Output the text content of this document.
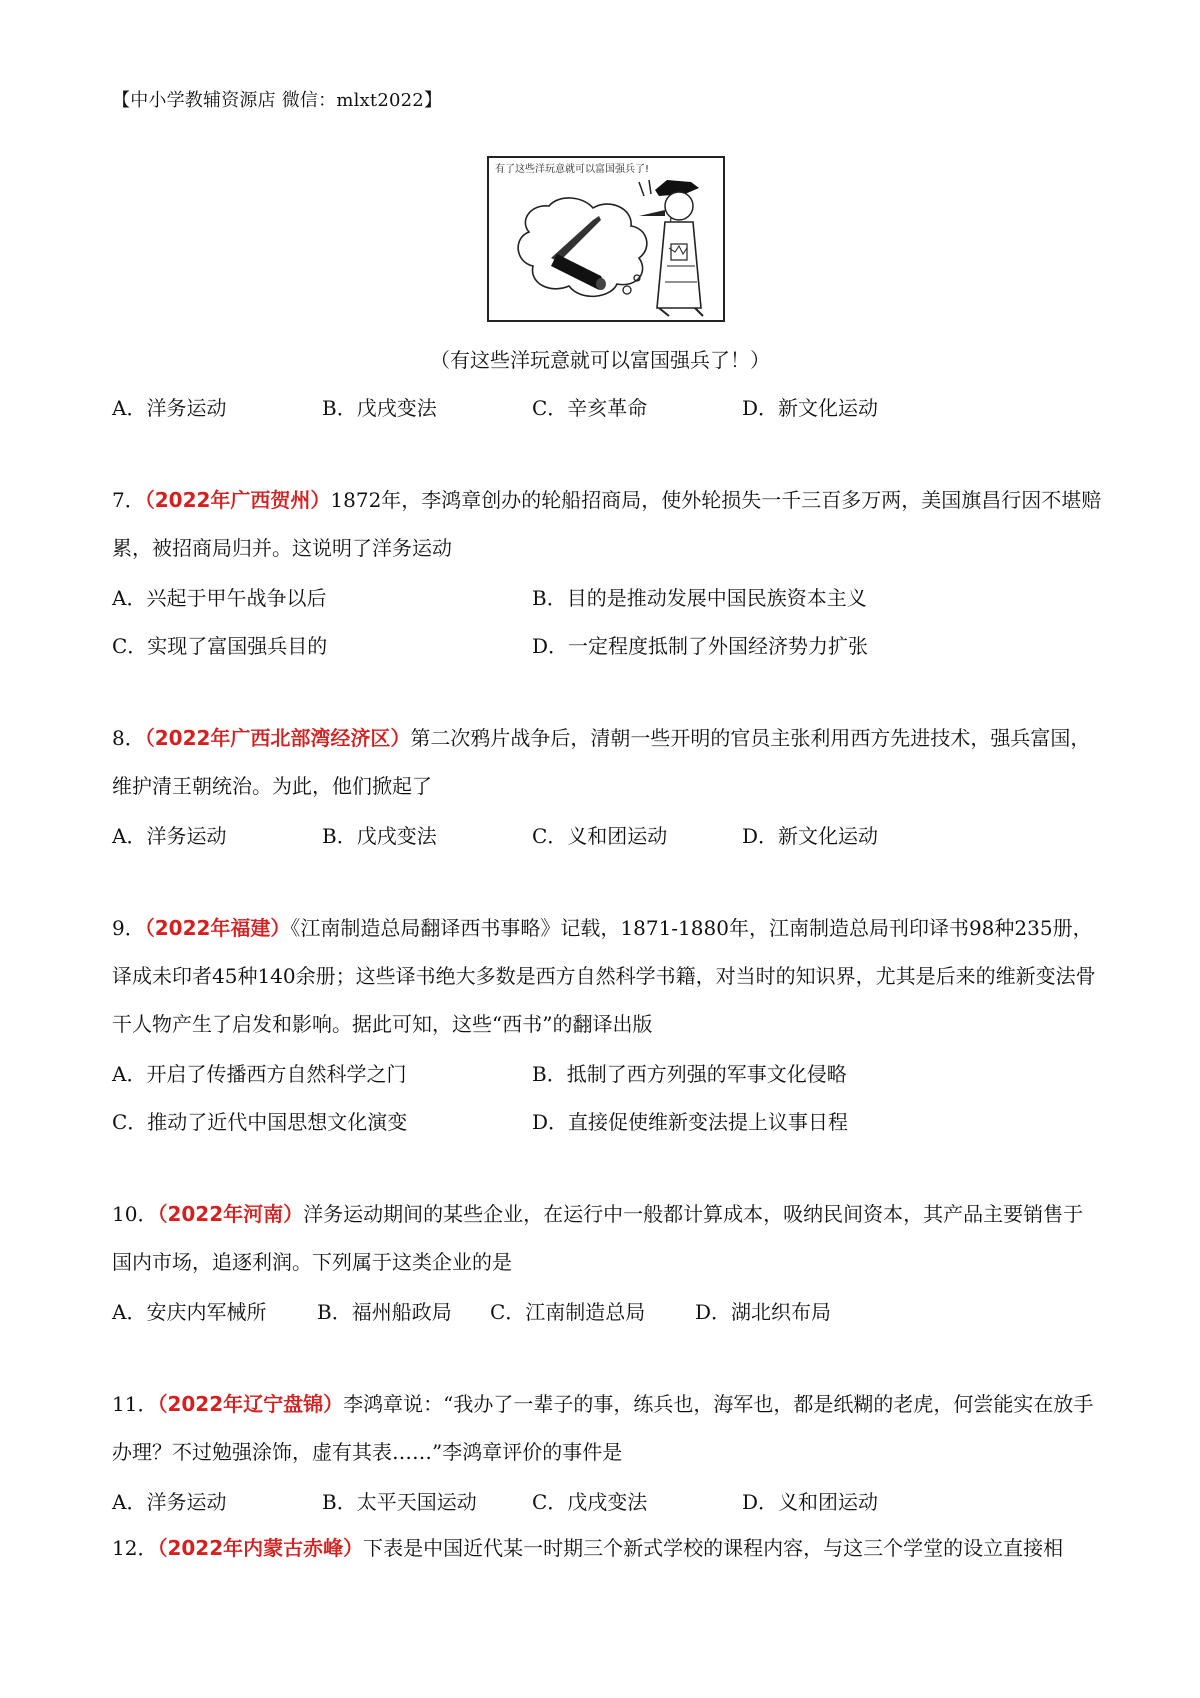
【中小学教辅资源店 微信：mlxt2022】
有了这些洋玩意就可以富国强兵了!
（有这些洋玩意就可以富国强兵了！）
A．洋务运动	B．戊戌变法	C．辛亥革命	D．新文化运动
7．（2022年广西贺州）1872年，李鸿章创办的轮船招商局，使外轮损失一千三百多万两，美国旗昌行因不堪赔累，被招商局归并。这说明了洋务运动
A．兴起于甲午战争以后	B．目的是推动发展中国民族资本主义
C．实现了富国强兵目的	D．一定程度抵制了外国经济势力扩张
8．（2022年广西北部湾经济区）第二次鸦片战争后，清朝一些开明的官员主张利用西方先进技术，强兵富国，维护清王朝统治。为此，他们掀起了
A．洋务运动	B．戊戌变法	C．义和团运动	D．新文化运动
9．（2022年福建）《江南制造总局翻译西书事略》记载，1871-1880年，江南制造总局刊印译书98种235册，译成未印者45种140余册；这些译书绝大多数是西方自然科学书籍，对当时的知识界，尤其是后来的维新变法骨干人物产生了启发和影响。据此可知，这些“西书”的翻译出版
A．开启了传播西方自然科学之门	B．抵制了西方列强的军事文化侵略
C．推动了近代中国思想文化演变	D．直接促使维新变法提上议事日程
10．（2022年河南）洋务运动期间的某些企业，在运行中一般都计算成本，吸纳民间资本，其产品主要销售于国内市场，追逐利润。下列属于这类企业的是
A．安庆内军械所	B．福州船政局 C．江南制造总局 D．湖北织布局
11．（2022年辽宁盘锦）李鸿章说：“我办了一辈子的事，练兵也，海军也，都是纸糊的老虎，何尝能实在放手办理？不过勉强涂饰，虚有其表……”李鸿章评价的事件是
A．洋务运动	B．太平天国运动	C．戊戌变法	D．义和团运动
12．（2022年内蒙古赤峰）下表是中国近代某一时期三个新式学校的课程内容，与这三个学堂的设立直接相
